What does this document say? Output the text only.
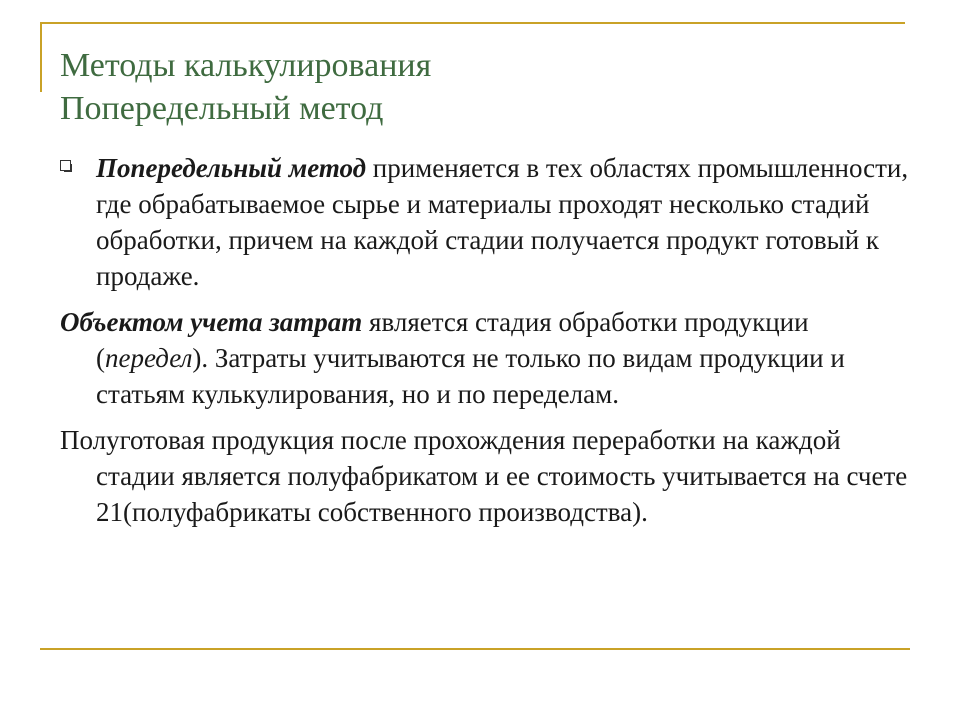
Методы калькулирования
Попередельный метод

Попередельный метод применяется в тех областях промышленности, где обрабатываемое сырье и материалы проходят несколько стадий обработки, причем на каждой стадии получается продукт готовый к продаже.

Объектом учета затрат является стадия обработки продукции (передел). Затраты учитываются не только по видам продукции и статьям кулькулирования, но и по переделам.

Полуготовая продукция после прохождения переработки на каждой стадии является полуфабрикатом и ее стоимость учитывается на счете 21(полуфабрикаты собственного производства).
